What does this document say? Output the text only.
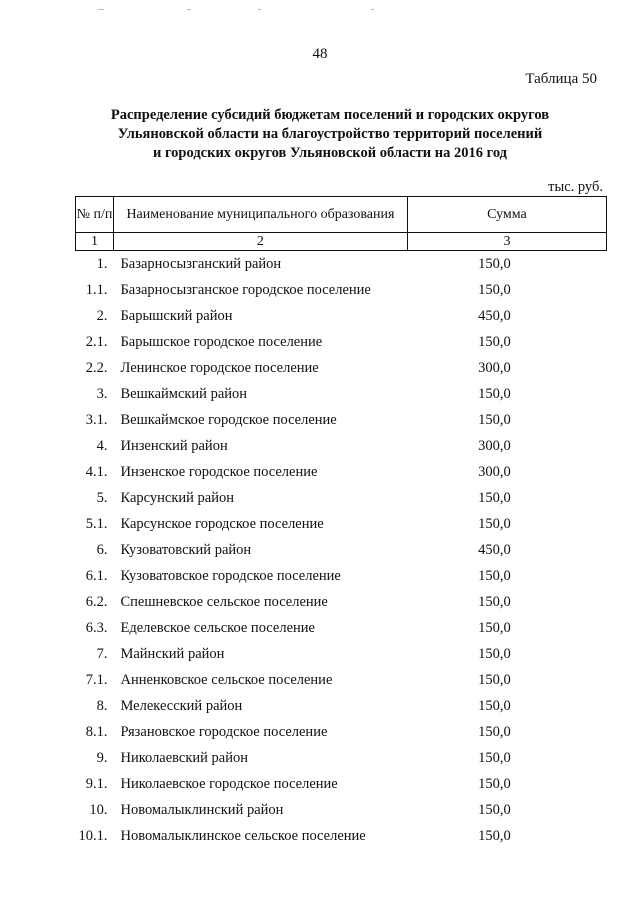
48
Таблица 50
Распределение субсидий бюджетам поселений и городских округов
Ульяновской области на благоустройство территорий поселений
и городских округов Ульяновской области на 2016 год
тыс. руб.
№ п/п	Наименование муниципального образования	Сумма
1	2	3
1.	Базарносызганский район	150,0
1.1.	Базарносызганское городское поселение	150,0
2.	Барышский район	450,0
2.1.	Барышское городское поселение	150,0
2.2.	Ленинское городское поселение	300,0
3.	Вешкаймский район	150,0
3.1.	Вешкаймское городское поселение	150,0
4.	Инзенский район	300,0
4.1.	Инзенское городское поселение	300,0
5.	Карсунский район	150,0
5.1.	Карсунское городское поселение	150,0
6.	Кузоватовский район	450,0
6.1.	Кузоватовское городское поселение	150,0
6.2.	Спешневское сельское поселение	150,0
6.3.	Еделевское сельское поселение	150,0
7.	Майнский район	150,0
7.1.	Анненковское сельское поселение	150,0
8.	Мелекесский район	150,0
8.1.	Рязановское городское поселение	150,0
9.	Николаевский район	150,0
9.1.	Николаевское городское поселение	150,0
10.	Новомалыклинский район	150,0
10.1.	Новомалыклинское сельское поселение	150,0
